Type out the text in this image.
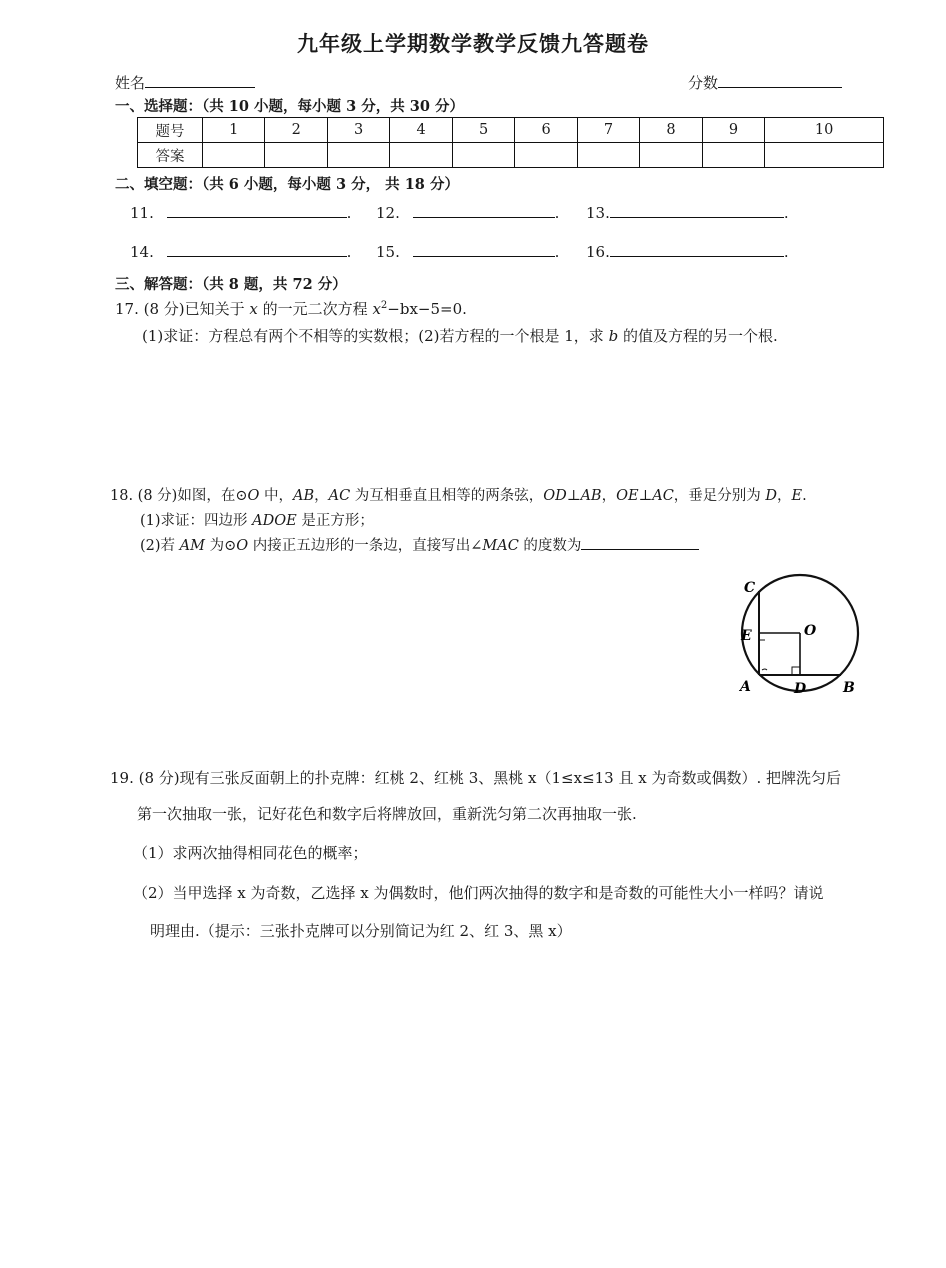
九年级上学期数学教学反馈九答题卷
姓名	分数
一、选择题：（共 10 小题，每小题 3 分，共 30 分）
题号	1	2	3	4	5	6	7	8	9	10
答案										
二、填空题：（共 6 小题，每小题 3 分， 共 18 分）
11.	. 12.	. 13.	.
14.	. 15.	. 16.	.
三、解答题：（共 8 题，共 72 分）
17. (8 分)已知关于 x 的一元二次方程 $x^2-bx-5=0$.
(1)求证：方程总有两个不相等的实数根；(2)若方程的一个根是 1，求 b 的值及方程的另一个根.
18. (8 分)如图，在⊙O 中，AB，AC 为互相垂直且相等的两条弦，OD⊥AB，OE⊥AC，垂足分别为 D，E.
(1)求证：四边形 ADOE 是正方形；
(2)若 AM 为⊙O 内接正五边形的一条边，直接写出∠MAC 的度数为
C
E	O
A	D	B
19. (8 分)现有三张反面朝上的扑克牌：红桃 2、红桃 3、黑桃 x（1≤x≤13 且 x 为奇数或偶数）. 把牌洗匀后
第一次抽取一张，记好花色和数字后将牌放回，重新洗匀第二次再抽取一张.
（1）求两次抽得相同花色的概率；
（2）当甲选择 x 为奇数，乙选择 x 为偶数时，他们两次抽得的数字和是奇数的可能性大小一样吗？请说
明理由.（提示：三张扑克牌可以分别简记为红 2、红 3、黑 x）
